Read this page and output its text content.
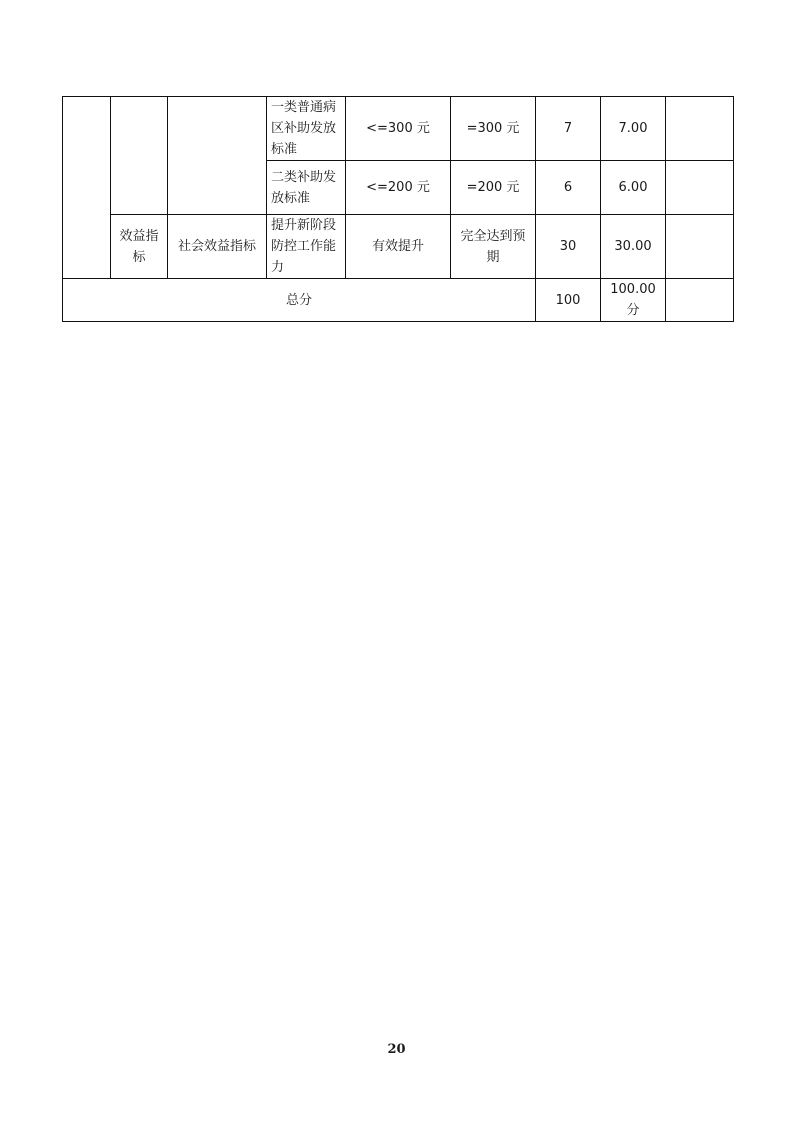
			一类普通病区补助发放标准	<=300 元	=300 元	7	7.00	
			二类补助发放标准	<=200 元	=200 元	6	6.00	
	效益指标	社会效益指标	提升新阶段防控工作能力	有效提升	完全达到预期	30	30.00	
总分						100	100.00分	
20
